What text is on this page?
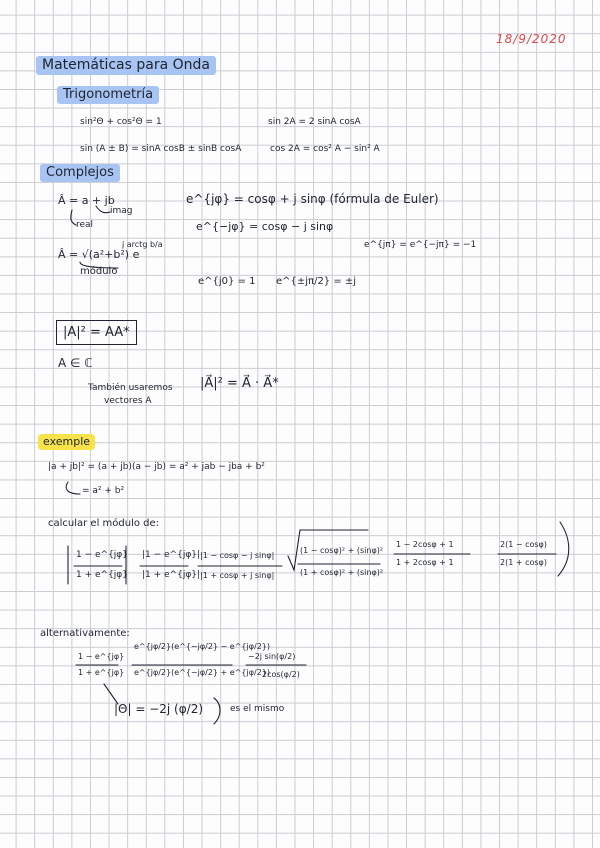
18/9/2020
Matemáticas para Onda
Trigonometría
sin²Θ + cos²Θ = 1	sin 2A = 2 sinA cosA
sin (A ± B) = sinA cosB ± sinB cosA	cos 2A = cos² A − sin² A
Complejos
Â = a + jb
real
imag
e^{jφ} = cosφ + j sinφ (fórmula de Euler)
e^{−jφ} = cosφ − j sinφ
Â = √(a²+b²) e
j arctg b/a
módulo
e^{jπ} = e^{−jπ} = −1
e^{j0} = 1 e^{±jπ/2} = ±j
|A|² = AA*
A ∈ ℂ
También usaremos
vectores A
|A⃗|² = A⃗ · A⃗*
exemple
|a + jb|² = (a + jb)(a − jb) = a² + jab − jba + b²
= a² + b²
calcular el módulo de:
1 − e^{jφ}
1 + e^{jφ}
|1 − e^{jφ}|
|1 + e^{jφ}|
|1 − cosφ − j sinφ|
|1 + cosφ + j sinφ|
(1 − cosφ)² + (sinφ)²
(1 + cosφ)² + (sinφ)²
1 − 2cosφ + 1
1 + 2cosφ + 1
2(1 − cosφ)
2(1 + cosφ)
alternativamente:
1 − e^{jφ}
1 + e^{jφ}
e^{jφ/2}(e^{−jφ/2} − e^{jφ/2})
e^{jφ/2}(e^{−jφ/2} + e^{jφ/2})
−2j sin(φ/2)
2cos(φ/2)
|Θ| = −2j (φ/2)	es el mismo
